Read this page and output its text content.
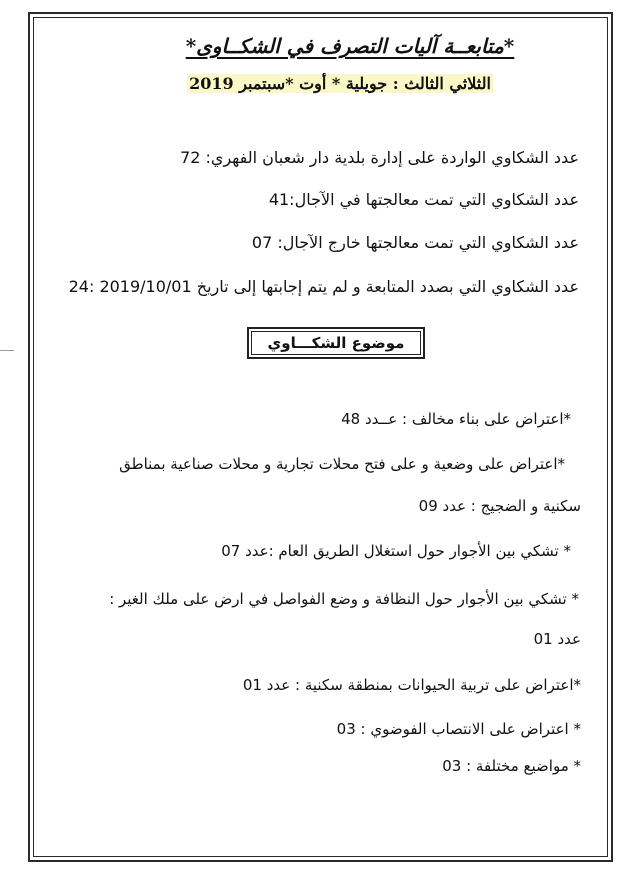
*متابعــة آليات التصرف في الشكــاوى*
الثلاثي الثالث : جويلية * أوت *سبتمبر 2019
عدد الشكاوي الواردة على إدارة بلدية دار شعبان الفهري: 72
عدد الشكاوي التي تمت معالجتها في الآجال:41
عدد الشكاوي التي تمت معالجتها خارج الآجال: 07
عدد الشكاوي التي بصدد المتابعة و لم يتم إجابتها إلى تاريخ 2019/10/01 :24
موضوع الشكـــاوي
*اعتراض على بناء مخالف : عــدد 48
*اعتراض على وضعية و على فتح محلات تجارية و محلات صناعية بمناطق
سكنية و الضجيج : عدد 09
* تشكي بين الأجوار حول استغلال الطريق العام :عدد 07
* تشكي بين الأجوار حول النظافة و وضع الفواصل في ارض على ملك الغير :
عدد 01
*اعتراض على تربية الحيوانات بمنطقة سكنية : عدد 01
* اعتراض على الانتصاب الفوضوي : 03
* مواضيع مختلفة : 03
